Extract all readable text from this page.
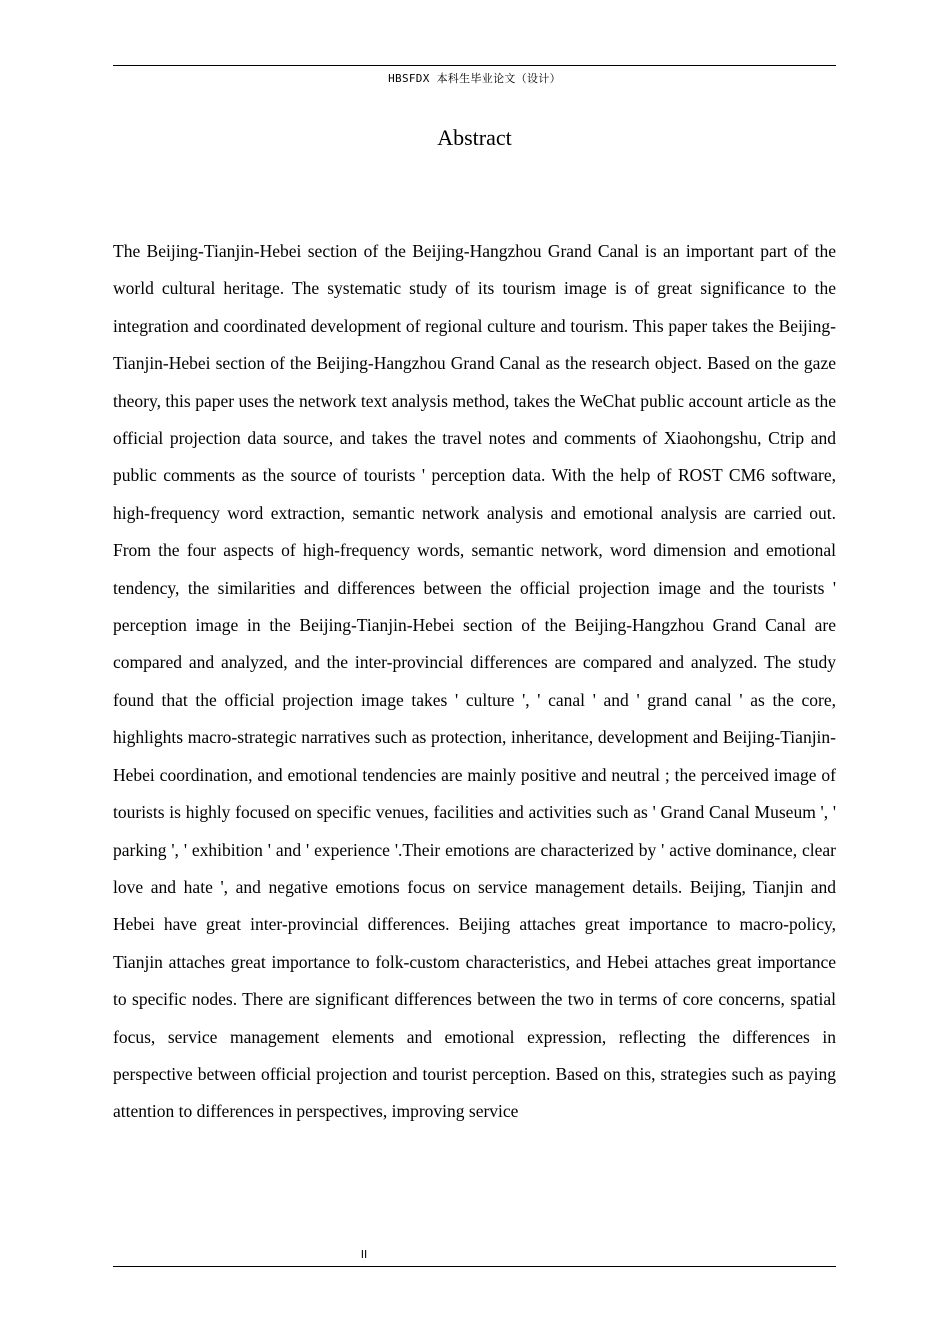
HBSFDX 本科生毕业论文（设计）
Abstract

The Beijing-Tianjin-Hebei section of the Beijing-Hangzhou Grand Canal is an important part of the world cultural heritage. The systematic study of its tourism image is of great significance to the integration and coordinated development of regional culture and tourism. This paper takes the Beijing-Tianjin-Hebei section of the Beijing-Hangzhou Grand Canal as the research object. Based on the gaze theory, this paper uses the network text analysis method, takes the WeChat public account article as the official projection data source, and takes the travel notes and comments of Xiaohongshu, Ctrip and public comments as the source of tourists ' perception data. With the help of ROST CM6 software, high-frequency word extraction, semantic network analysis and emotional analysis are carried out. From the four aspects of high-frequency words, semantic network, word dimension and emotional tendency, the similarities and differences between the official projection image and the tourists ' perception image in the Beijing-Tianjin-Hebei section of the Beijing-Hangzhou Grand Canal are compared and analyzed, and the inter-provincial differences are compared and analyzed. The study found that the official projection image takes ' culture ', ' canal ' and ' grand canal ' as the core, highlights macro-strategic narratives such as protection, inheritance, development and Beijing-Tianjin-Hebei coordination, and emotional tendencies are mainly positive and neutral ; the perceived image of tourists is highly focused on specific venues, facilities and activities such as ' Grand Canal Museum ', ' parking ', ' exhibition ' and ' experience '.Their emotions are characterized by ' active dominance, clear love and hate ', and negative emotions focus on service management details. Beijing, Tianjin and Hebei have great inter-provincial differences. Beijing attaches great importance to macro-policy, Tianjin attaches great importance to folk-custom characteristics, and Hebei attaches great importance to specific nodes. There are significant differences between the two in terms of core concerns, spatial focus, service management elements and emotional expression, reflecting the differences in perspective between official projection and tourist perception. Based on this, strategies such as paying attention to differences in perspectives, improving service

II
